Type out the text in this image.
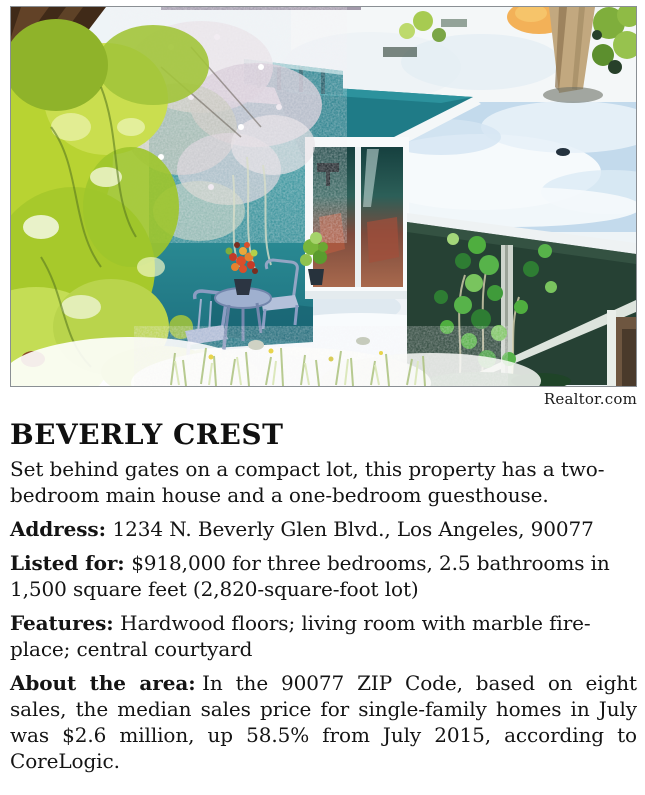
Realtor.com
BEVERLY CREST

Set behind gates on a compact lot, this property has a two-bedroom main house and a one-bedroom guesthouse.

Address: 1234 N. Beverly Glen Blvd., Los Angeles, 90077

Listed for: $918,000 for three bedrooms, 2.5 bathrooms in 1,500 square feet (2,820-square-foot lot)

Features: Hardwood floors; living room with marble fireplace; central courtyard

About the area: In the 90077 ZIP Code, based on eight sales, the median sales price for single-family homes in July was $2.6 million, up 58.5% from July 2015, according to CoreLogic.
